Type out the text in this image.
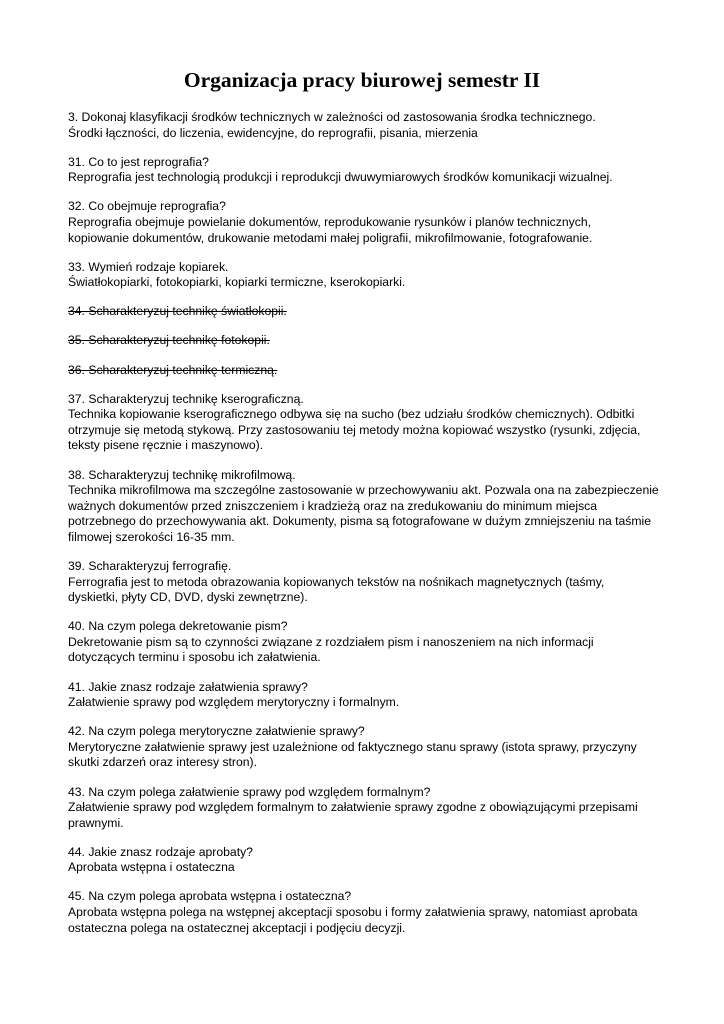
Organizacja pracy biurowej semestr II
3. Dokonaj klasyfikacji środków technicznych w zależności od zastosowania środka technicznego.
Środki łączności, do liczenia, ewidencyjne, do reprografii, pisania, mierzenia
31. Co to jest reprografia?
Reprografia jest technologią produkcji i reprodukcji dwuwymiarowych środków komunikacji wizualnej.
32. Co obejmuje reprografia?
Reprografia obejmuje powielanie dokumentów, reprodukowanie rysunków i planów technicznych,
kopiowanie dokumentów, drukowanie metodami małej poligrafii, mikrofilmowanie, fotografowanie.
33. Wymień rodzaje kopiarek.
Światłokopiarki, fotokopiarki, kopiarki termiczne, kserokopiarki.
34. Scharakteryzuj technikę światłokopii.
35. Scharakteryzuj technikę fotokopii.
36. Scharakteryzuj technikę termiczną.
37. Scharakteryzuj technikę kserograficzną.
Technika kopiowanie kserograficznego odbywa się na sucho (bez udziału środków chemicznych). Odbitki
otrzymuje się metodą stykową. Przy zastosowaniu tej metody można kopiować wszystko (rysunki, zdjęcia,
teksty pisene ręcznie i maszynowo).
38. Scharakteryzuj technikę mikrofilmową.
Technika mikrofilmowa ma szczególne zastosowanie w przechowywaniu akt. Pozwala ona na zabezpieczenie
ważnych dokumentów przed zniszczeniem i kradzieżą oraz na zredukowaniu do minimum miejsca
potrzebnego do przechowywania akt. Dokumenty, pisma są fotografowane w dużym zmniejszeniu na taśmie
filmowej szerokości 16-35 mm.
39. Scharakteryzuj ferrografię.
Ferrografia jest to metoda obrazowania kopiowanych tekstów na nośnikach magnetycznych (taśmy,
dyskietki, płyty CD, DVD, dyski zewnętrzne).
40. Na czym polega dekretowanie pism?
Dekretowanie pism są to czynności związane z rozdziałem pism i nanoszeniem na nich informacji
dotyczących terminu i sposobu ich załatwienia.
41. Jakie znasz rodzaje załatwienia sprawy?
Załatwienie sprawy pod względem merytoryczny i formalnym.
42. Na czym polega merytoryczne załatwienie sprawy?
Merytoryczne załatwienie sprawy jest uzależnione od faktycznego stanu sprawy (istota sprawy, przyczyny
skutki zdarzeń oraz interesy stron).
43. Na czym polega załatwienie sprawy pod względem formalnym?
Załatwienie sprawy pod względem formalnym to załatwienie sprawy zgodne z obowiązującymi przepisami
prawnymi.
44. Jakie znasz rodzaje aprobaty?
Aprobata wstępna i ostateczna
45. Na czym polega aprobata wstępna i ostateczna?
Aprobata wstępna polega na wstępnej akceptacji sposobu i formy załatwienia sprawy, natomiast aprobata
ostateczna polega na ostatecznej akceptacji i podjęciu decyzji.
